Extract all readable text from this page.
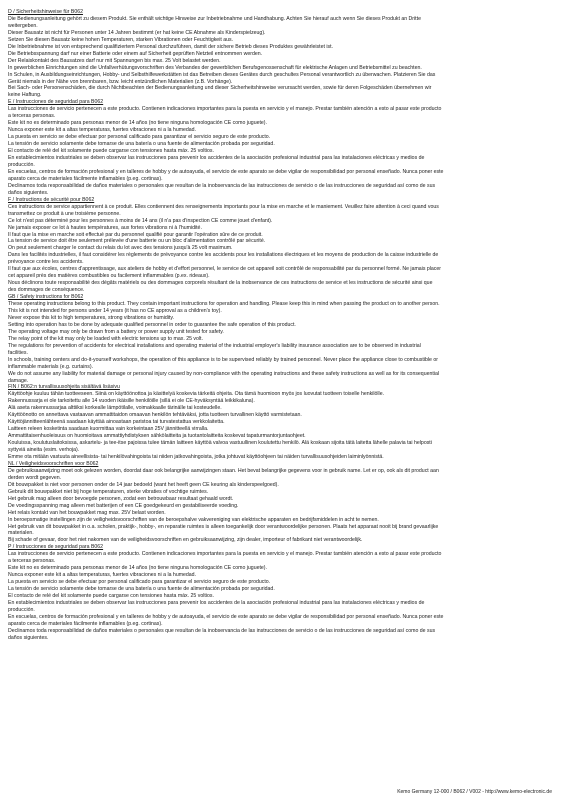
D / Sicherheitshinweise für B062
Die Bedienungsanleitung gehört zu diesem Produkt. Sie enthält wichtige Hinweise zur Inbetriebnahme und Handhabung. Achten Sie hierauf auch wenn Sie dieses Produkt an Dritte
weitergeben.
Dieser Bausatz ist nicht für Personen unter 14 Jahren bestimmt (er hat keine CE Abnahme als Kinderspielzeug).
Setzen Sie diesen Bausatz keine hohen Temperaturen, starken Vibrationen oder Feuchtigkeit aus.
Die Inbetriebnahme ist von entsprechend qualifiziertem Personal durchzuführen, damit der sichere Betrieb dieses Produktes gewährleistet ist.
Die Betriebsspannung darf nur einer Batterie oder einem auf Sicherheit geprüften Netzteil entnommen werden.
Der Relaiskontakt des Bausatzes darf nur mit Spannungen bis max. 25 Volt belastet werden.
In gewerblichen Einrichtungen sind die Unfallverhütungsvorschriften des Verbandes der gewerblichen Berufsgenossenschaft für elektrische Anlagen und Betriebsmittel zu beachten.
In Schulen, in Ausbildungseinrichtungen, Hobby- und Selbsthilfewerkstätten ist das Betreiben dieses Gerätes durch geschultes Personal verantwortlich zu überwachen. Platzieren Sie das
Gerät niemals in der Nähe von brennbaren, bzw. leicht entzündlichen Materialien (z.B. Vorhänge).
Bei Sach- oder Personenschäden, die durch Nichtbeachten der Bedienungsanleitung und dieser Sicherheitshinweise verursacht werden, sowie für deren Folgeschäden übernehmen wir
keine Haftung.
E / Instrucciones de seguridad para B062
Las instrucciones de servicio pertenecen a este producto. Contienen indicaciones importantes para la puesta en servicio y el manejo. Prestar también atención a esto al pasar este producto
a terceras personas.
Este kit no es determinado para personas menor de 14 años (no tiene ninguna homologación CE como juguete).
Nunca exponer este kit a altas temperaturas, fuertes vibraciones ni a la humedad.
La puesta en servicio se debe efectuar por personal calificado para garantizar el servicio seguro de este producto.
La tensión de servicio solamente debe tomarse de una batería o una fuente de alimentación probada por seguridad.
El contacto de relé del kit solamente puede cargarse con tensiones hasta máx. 25 voltios.
En establecimientos industriales se deben observar las instrucciones para prevenir los accidentes de la asociación profesional industrial para las instalaciones eléctricas y medios de
producción.
En escuelas, centros de formación profesional y en talleres de hobby y de autoayuda, el servicio de este aparato se debe vigilar de responsibilidad por personal enseñado. Nunca poner este
aparato cerca de materiales fácilmente inflamables (p.eg. cortinas).
Declinamos toda responsabilidad de daños materiales o personales que resultan de la inobservancia de las instrucciones de servicio o de las instrucciones de seguridad así como de sus
daños siguientes.
F / Instructions de sécurité pour B062
Ces instructions de service appartiennent à ce produit. Elles contiennent des renseignements importants pour la mise en marche et le maniement. Veuillez faire attention à ceci quand vous
transmettez ce produit à une troisième personne.
Ce lot n'est pas déterminé pour les personnes à moins de 14 ans (il n'a pas d'inspection CE comme jouet d'enfant).
Ne jamais exposer ce lot à hautes températures, aux fortes vibrations ni à l'humidité.
Il faut que la mise en marche soit effectué par du personnel qualifié pour garantir l'opération sûre de ce produit.
La tension de service doit être seulement prélevée d'une batterie ou un bloc d'alimentation contrôlé par sécurité.
On peut seulement charger le contact du relais du lot avec des tensions jusqu'à 25 volt maximum.
Dans les facilités industrielles, il faut considérer les règlements de prévoyance contre les accidents pour les installations électriques et les moyens de production de la caisse industrielle de
prévoyance contre les accidents.
Il faut que aux écoles, centres d'apprentissage, aux ateliers de hobby et d'effort personnel, le service de cet appareil soit contrôlé de responsabilité par du personnel formé. Ne jamais placer
cet appareil près des matières combustibles ou facilement inflammables (p.ex. rideaux).
Nous déclinons toute responsabilité des dégâts matériels ou des dommages corporels résultant de la inobservance de ces instructions de service et les instructions de sécurité ainsi que
des dommages de conséquence.
GB / Safety instructions for B062
These operating instructions belong to this product. They contain important instructions for operation and handling. Please keep this in mind when passing the product on to another person.
This kit is not intended for persons under 14 years (it has no CE approval as a children's toy).
Never expose this kit to high temperatures, strong vibrations or humidity.
Setting into operation has to be done by adequate qualified personnel in order to guarantee the safe operation of this product.
The operating voltage may only be drawn from a battery or power supply unit tested for safety.
The relay point of the kit may only be loaded with electric tensions up to max. 25 volt.
The regulations for prevention of accidents for electrical installations and operating material of the industrial employer's liability insurance association are to be observed in industrial
facilities.
In schools, training centers and do-it-yourself workshops, the operation of this appliance is to be supervised reliably by trained personnel. Never place the appliance close to combustible or
inflammable materials (e.g. curtains).
We do not assume any liability for material damage or personal injury caused by non-compliance with the operating instructions and these safety instructions as well as for its consequential
damage.
FIN / B062:n turvallisuusohjeita sisältävä lisäsivu
Käyttöohje kuuluu tähän tuotteeseen. Siinä on käyttöönottoa ja käsittelyä koskevia tärkeitä ohjeita. Ota tämä huomioon myös jos luovutat tuotteen toiselle henkilölle.
Rakennussarja ei ole tarkoitettu alle 14 vuoden ikäisille henkilöille (sillä ei ole CE-hyväksyntää leikkikaluna).
Älä aseta rakennussarjaa alttiiksi korkealle lämpötilalle, voimakkaalle tärinälle tai kosteudelle.
Käyttöönotto on annettava vastaavan ammattitaidon omaavan henkilön tehtäväksi, jotta tuotteen turvallinen käyttö varmistetaan.
Käyttöjännitteenlähteenä saadaan käyttää ainoastaan paristoa tai turvatestattua verkkolaitetta.
Laitteen releen kosketinta saadaan kuormittaa vain korkeintaan 25V jännitteellä virralla.
Ammattitaisenhuoleisuus on huomioitava ammattiyhdistyksen sähkölaitteita ja tuotantolaitteita koskevat tapaturmantorjuntaohjeet.
Kouluissa, koulutuslaitoksissa, askartelu- ja tee-itse pajoissa tulee tämän laitteen käyttöä valvoa vastuullinen koulutettu henkilö. Älä koskaan sijoita tätä laitetta lähelle palavia tai helposti
syttyviä aineita (esim. verhoja).
Emme ota mitään vastuuta aineellisista- tai henkilövahingoista tai niiden jatkovahingoista, jotka johtuvat käyttöohjeen tai näiden turvallisuusohjeiden laiminlyönnistä.
NL / Veiligheidsvoorschriften voor B062
De gebruiksaanwijzing moet ook gelezen worden, doordat daar ook belangrijke aanwijzingen staan. Het bevat belangrijke gegevens voor in gebruik name. Let er op, ook als dit product aan
derden wordt gegeven.
Dit bouwpakket is niet voor personen onder de 14 jaar bedoeld (want het heeft geen CE keuring als kinderspeelgoed).
Gebruik dit bouwpakket niet bij hoge temperaturen, sterke vibraties of vochtige ruimtes.
Het gebruik mag alleen door bevoegde personen, zodat een betrouwbaar resultaat gehaald wordt.
De voedingsspanning mag alleen met batterijen of een CE goedgekeurd en gestabiliseerde voeding.
Het relais kontakt van het bouwpakket mag max. 25V belast worden.
In beroepsmatige instellingen zijn de veiligheidsvoorschriften van de beroepshalve vakvereniging van elektrische apparaten en bedrijfsmiddelen in acht te nemen.
Het gebruik van dit bouwpakket in o.a. scholen, praktijk-, hobby-, en reparatie ruimtes is alleen toegankelijk door verantwoordelijke personen. Plaats het apparaat nooit bij brand gevaarlijke
materialen.
Bij schade of gevaar, door het niet nakomen van de veiligheidsvoorschriften en gebruiksaanwijzing, zijn dealer, importeur of fabrikant niet verantwoordelijk.
P / Instrucciones de seguridad para B062
Las instrucciones de servicio pertenecen a este producto. Contienen indicaciones importantes para la puesta en servicio y el manejo. Prestar también atención a esto al pasar este producto
a terceras personas.
Este kit no es determinado para personas menor de 14 años (no tiene ninguna homologación CE como juguete).
Nunca exponer este kit a altas temperaturas, fuertes vibraciones ni a la humedad.
La puesta en servicio se debe efectuar por personal calificado para garantizar el servicio seguro de este producto.
La tensión de servicio solamente debe tomarse de una batería o una fuente de alimentación probada por seguridad.
El contacto de relé del kit solamente puede cargarse con tensiones hasta máx. 25 voltios.
En establecimientos industriales se deben observar las instrucciones para prevenir los accidentes de la asociación profesional industrial para las instalaciones eléctricas y medios de
producción.
En escuelas, centros de formación profesional y en talleres de hobby y de autoayuda, el servicio de este aparato se debe vigilar de responsibilidad por personal enseñado. Nunca poner este
aparato cerca de materiales fácilmente inflamables (p.eg. cortinas).
Declinamos toda responsabilidad de daños materiales o personales que resultan de la inobservancia de las instrucciones de servicio o de las instrucciones de seguridad así como de sus
daños siguientes.
Kemo Germany 12-000 / B062 / V002 - http://www.kemo-electronic.de
